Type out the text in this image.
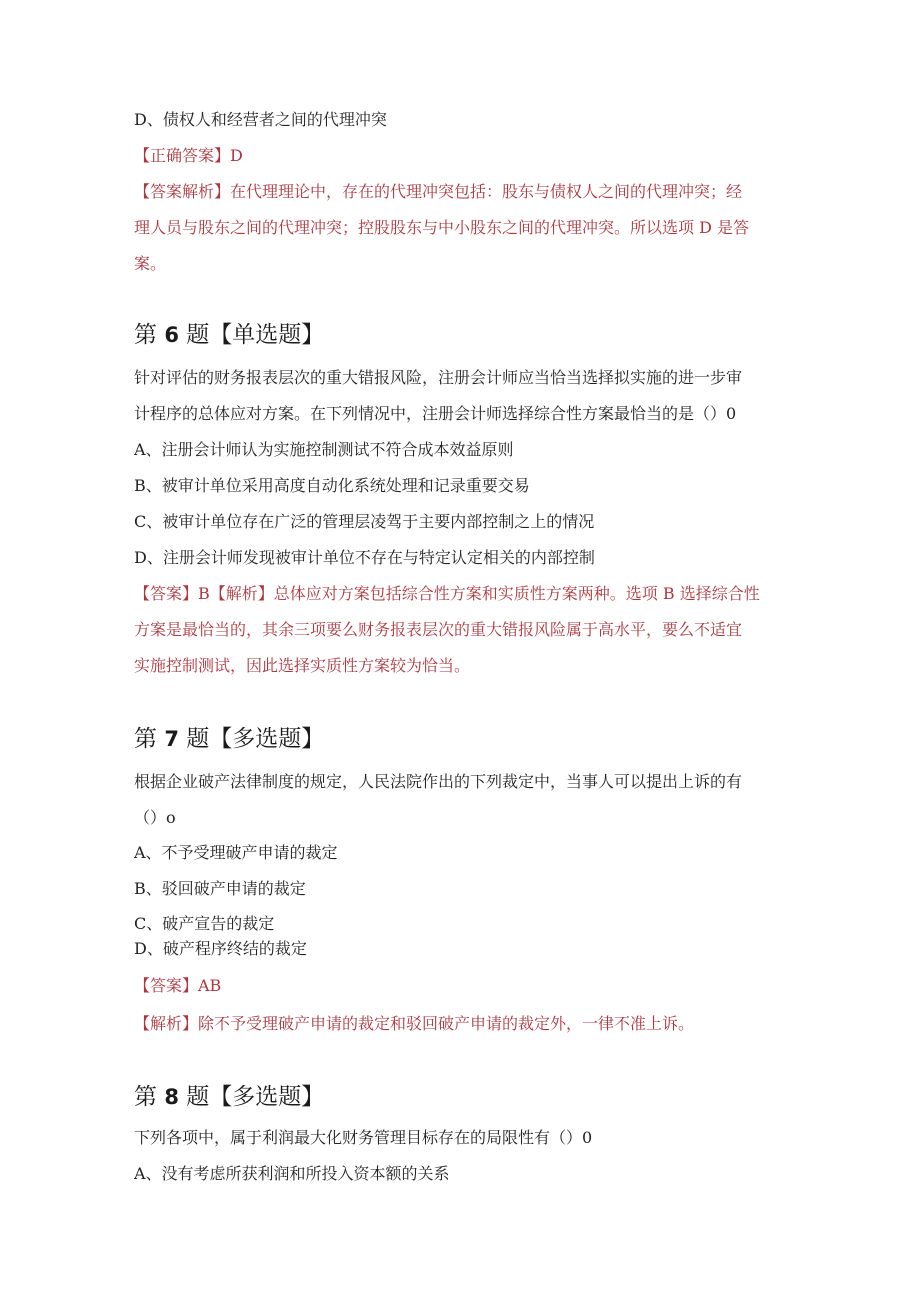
D、债权人和经营者之间的代理冲突
【正确答案】D
【答案解析】在代理理论中，存在的代理冲突包括：股东与债权人之间的代理冲突；经
理人员与股东之间的代理冲突；控股股东与中小股东之间的代理冲突。所以选项 D 是答
案。
第 6 题【单选题】
针对评估的财务报表层次的重大错报风险，注册会计师应当恰当选择拟实施的进一步审
计程序的总体应对方案。在下列情况中，注册会计师选择综合性方案最恰当的是（）0
A、注册会计师认为实施控制测试不符合成本效益原则
B、被审计单位采用高度自动化系统处理和记录重要交易
C、被审计单位存在广泛的管理层凌驾于主要内部控制之上的情况
D、注册会计师发现被审计单位不存在与特定认定相关的内部控制
【答案】B【解析】总体应对方案包括综合性方案和实质性方案两种。选项 B 选择综合性
方案是最恰当的，其余三项要么财务报表层次的重大错报风险属于高水平，要么不适宜
实施控制测试，因此选择实质性方案较为恰当。
第 7 题【多选题】
根据企业破产法律制度的规定，人民法院作出的下列裁定中，当事人可以提出上诉的有
（）o
A、不予受理破产申请的裁定
B、驳回破产申请的裁定
C、破产宣告的裁定
D、破产程序终结的裁定
【答案】AB
【解析】除不予受理破产申请的裁定和驳回破产申请的裁定外，一律不准上诉。
第 8 题【多选题】
下列各项中，属于利润最大化财务管理目标存在的局限性有（）0
A、没有考虑所获利润和所投入资本额的关系
